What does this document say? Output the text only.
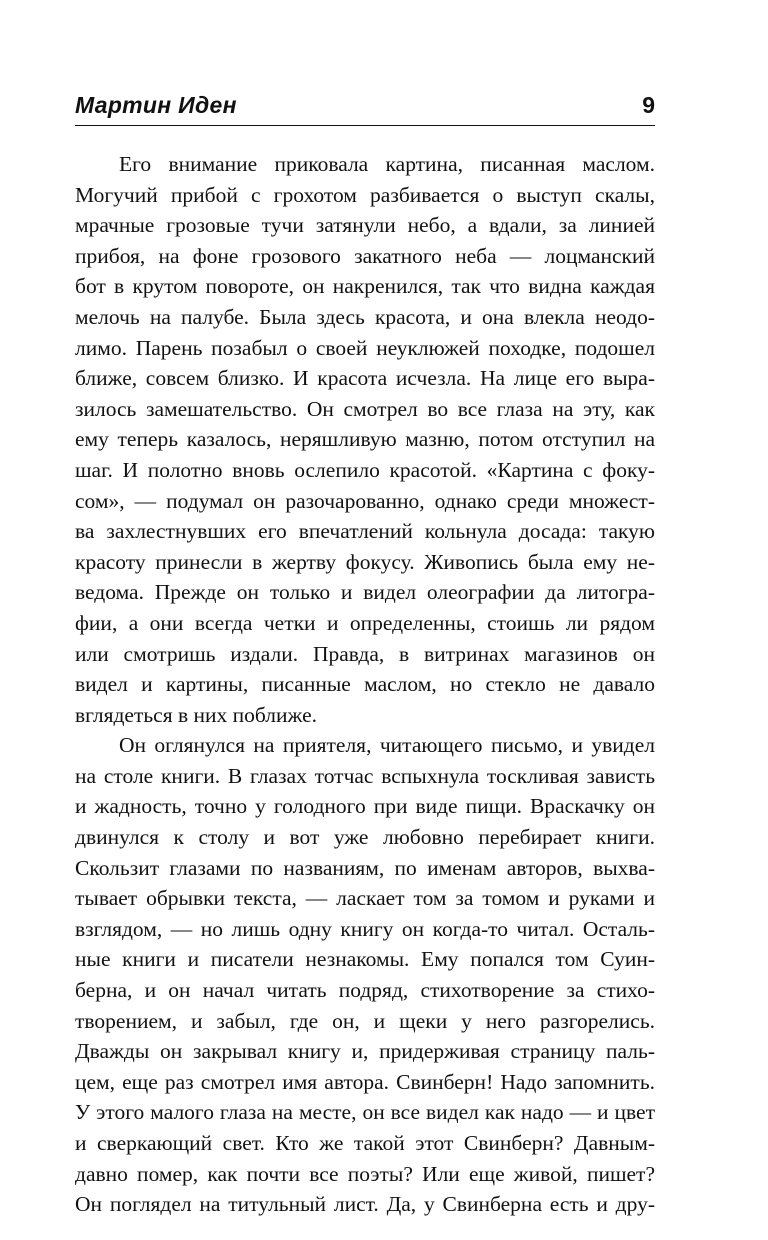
Мартин Иден	9
Его внимание приковала картина, писанная маслом.
Могучий прибой с грохотом разбивается о выступ скалы,
мрачные грозовые тучи затянули небо, а вдали, за линией
прибоя, на фоне грозового закатного неба — лоцманский
бот в крутом повороте, он накренился, так что видна каждая
мелочь на палубе. Была здесь красота, и она влекла неодо-
лимо. Парень позабыл о своей неуклюжей походке, подошел
ближе, совсем близко. И красота исчезла. На лице его выра-
зилось замешательство. Он смотрел во все глаза на эту, как
ему теперь казалось, неряшливую мазню, потом отступил на
шаг. И полотно вновь ослепило красотой. «Картина с фоку-
сом», — подумал он разочарованно, однако среди множест-
ва захлестнувших его впечатлений кольнула досада: такую
красоту принесли в жертву фокусу. Живопись была ему не-
ведома. Прежде он только и видел олеографии да литогра-
фии, а они всегда четки и определенны, стоишь ли рядом
или смотришь издали. Правда, в витринах магазинов он
видел и картины, писанные маслом, но стекло не давало
вглядеться в них поближе.
Он оглянулся на приятеля, читающего письмо, и увидел
на столе книги. В глазах тотчас вспыхнула тоскливая зависть
и жадность, точно у голодного при виде пищи. Враскачку он
двинулся к столу и вот уже любовно перебирает книги.
Скользит глазами по названиям, по именам авторов, выхва-
тывает обрывки текста, — ласкает том за томом и руками и
взглядом, — но лишь одну книгу он когда-то читал. Осталь-
ные книги и писатели незнакомы. Ему попался том Суин-
берна, и он начал читать подряд, стихотворение за стихо-
творением, и забыл, где он, и щеки у него разгорелись.
Дважды он закрывал книгу и, придерживая страницу паль-
цем, еще раз смотрел имя автора. Свинберн! Надо запомнить.
У этого малого глаза на месте, он все видел как надо — и цвет
и сверкающий свет. Кто же такой этот Свинберн? Давным-
давно помер, как почти все поэты? Или еще живой, пишет?
Он поглядел на титульный лист. Да, у Свинберна есть и дру-
